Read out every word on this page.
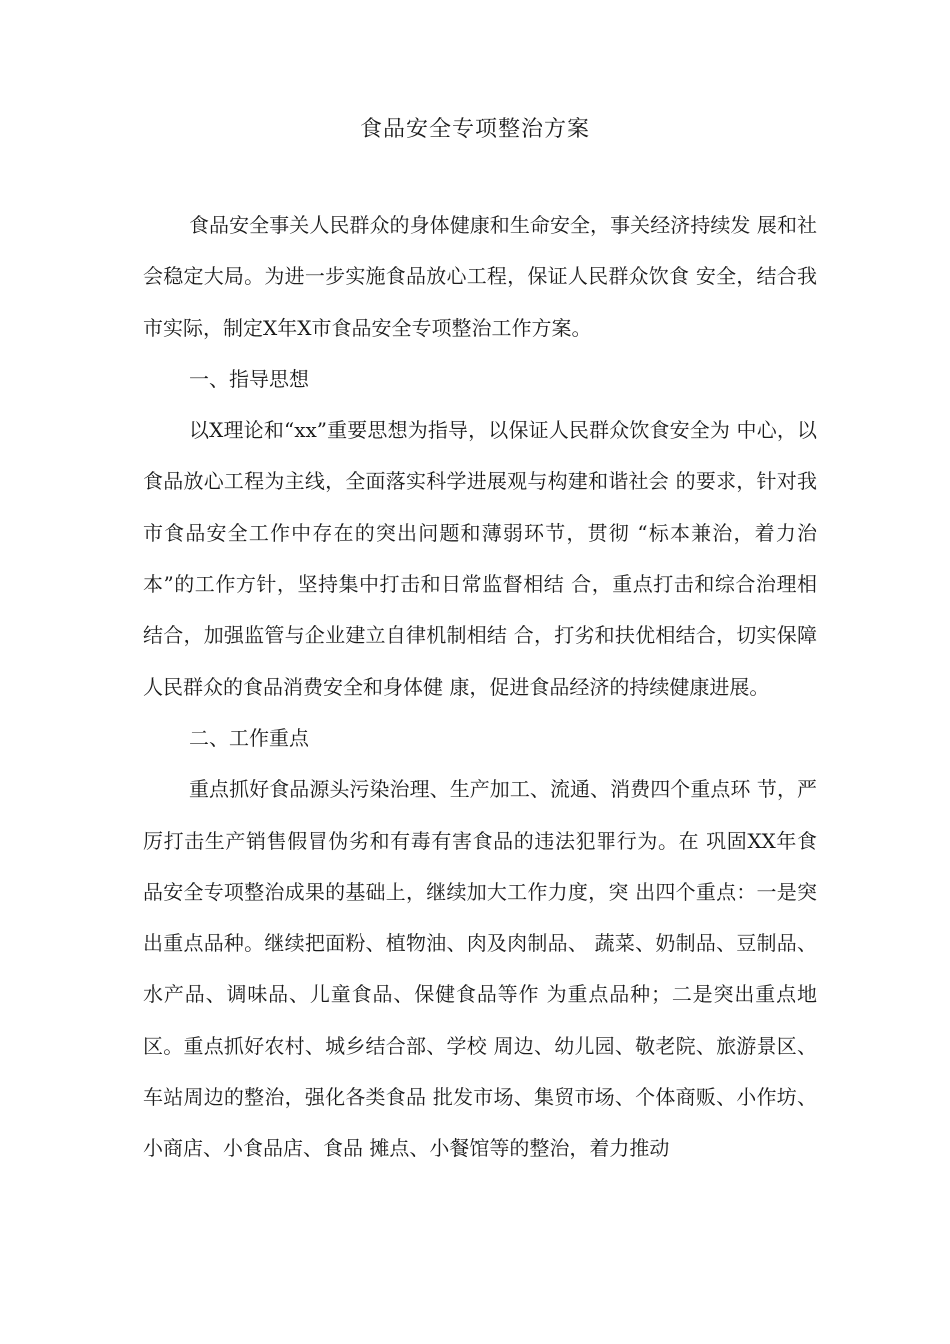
食品安全专项整治方案

食品安全事关人民群众的身体健康和生命安全，事关经济持续发 展和社会稳定大局。为进一步实施食品放心工程，保证人民群众饮食 安全，结合我市实际，制定X年X市食品安全专项整治工作方案。

一、指导思想

以X理论和“xx”重要思想为指导，以保证人民群众饮食安全为 中心，以食品放心工程为主线，全面落实科学进展观与构建和谐社会 的要求，针对我市食品安全工作中存在的突出问题和薄弱环节，贯彻 “标本兼治，着力治本”的工作方针，坚持集中打击和日常监督相结 合，重点打击和综合治理相结合，加强监管与企业建立自律机制相结 合，打劣和扶优相结合，切实保障人民群众的食品消费安全和身体健 康，促进食品经济的持续健康进展。

二、工作重点

重点抓好食品源头污染治理、生产加工、流通、消费四个重点环 节，严厉打击生产销售假冒伪劣和有毒有害食品的违法犯罪行为。在 巩固XX年食品安全专项整治成果的基础上，继续加大工作力度，突 出四个重点：一是突出重点品种。继续把面粉、植物油、肉及肉制品、 蔬菜、奶制品、豆制品、水产品、调味品、儿童食品、保健食品等作 为重点品种；二是突出重点地区。重点抓好农村、城乡结合部、学校 周边、幼儿园、敬老院、旅游景区、车站周边的整治，强化各类食品 批发市场、集贸市场、个体商贩、小作坊、小商店、小食品店、食品 摊点、小餐馆等的整治，着力推动
